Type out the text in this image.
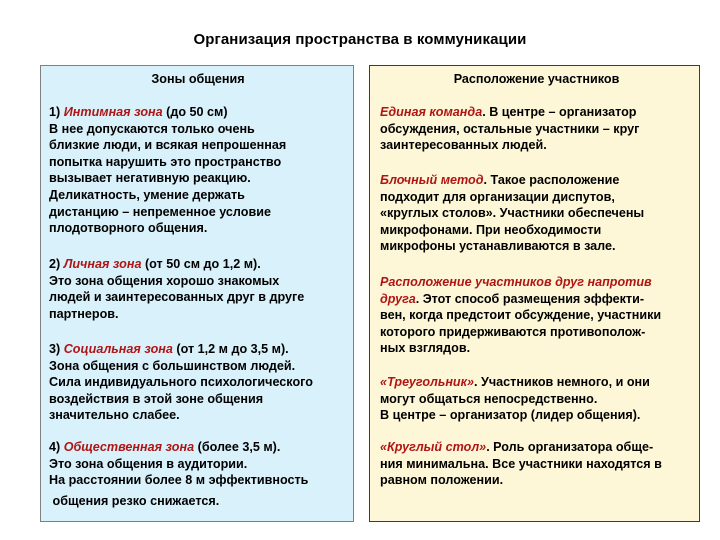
Организация пространства в коммуникации
Зоны общения
1) Интимная зона (до 50 см)
В нее допускаются только очень
близкие люди, и всякая непрошенная
попытка нарушить это пространство
вызывает негативную реакцию.
Деликатность, умение держать
дистанцию – непременное условие
плодотворного общения.
2) Личная зона (от 50 см до 1,2 м).
Это зона общения хорошо знакомых
людей и заинтересованных друг в друге
партнеров.
3) Социальная зона (от 1,2 м до 3,5 м).
Зона общения с большинством людей.
Сила индивидуального психологического
воздействия в этой зоне общения
значительно слабее.
4) Общественная зона (более 3,5 м).
Это зона общения в аудитории.
На расстоянии более 8 м эффективность
общения резко снижается.
Расположение участников
Единая команда. В центре – организатор
обсуждения, остальные участники – круг
заинтересованных людей.
Блочный метод. Такое расположение
подходит для организации диспутов,
«круглых столов». Участники обеспечены
микрофонами. При необходимости
микрофоны устанавливаются в зале.
Расположение участников друг напротив
друга. Этот способ размещения эффекти-
вен, когда предстоит обсуждение, участники
которого придерживаются противополож-
ных взглядов.
«Треугольник». Участников немного, и они
могут общаться непосредственно.
В центре – организатор (лидер общения).
«Круглый стол». Роль организатора обще-
ния минимальна. Все участники находятся в
равном положении.
